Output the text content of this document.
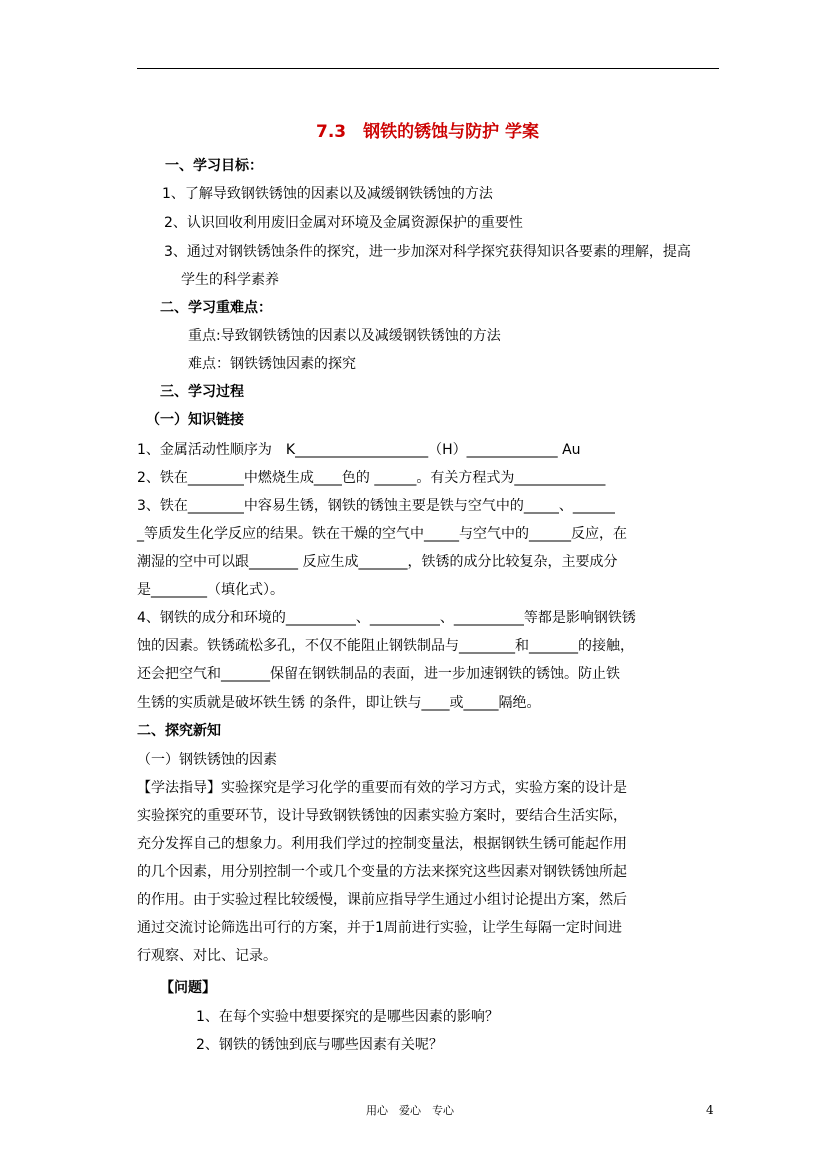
7.3　钢铁的锈蚀与防护 学案
一、学习目标：
1、了解导致钢铁锈蚀的因素以及减缓钢铁锈蚀的方法
2、认识回收利用废旧金属对环境及金属资源保护的重要性
3、通过对钢铁锈蚀条件的探究，进一步加深对科学探究获得知识各要素的理解，提高
学生的科学素养
二、学习重难点：
重点:导致钢铁锈蚀的因素以及减缓钢铁锈蚀的方法
难点：钢铁锈蚀因素的探究
三、学习过程
（一）知识链接
1、金属活动性顺序为　K___________________（H）_____________ Au
2、铁在________中燃烧生成____色的 ______。有关方程式为_____________
3、铁在________中容易生锈，钢铁的锈蚀主要是铁与空气中的_____、______
_等质发生化学反应的结果。铁在干燥的空气中_____与空气中的______反应，在
潮湿的空中可以跟_______ 反应生成_______，铁锈的成分比较复杂，主要成分
是________（填化式）。
4、钢铁的成分和环境的__________、__________、__________等都是影响钢铁锈
蚀的因素。铁锈疏松多孔，不仅不能阻止钢铁制品与________和_______的接触，
还会把空气和_______保留在钢铁制品的表面，进一步加速钢铁的锈蚀。防止铁
生锈的实质就是破坏铁生锈 的条件，即让铁与____或_____隔绝。
二、探究新知
（一）钢铁锈蚀的因素
【学法指导】实验探究是学习化学的重要而有效的学习方式，实验方案的设计是
实验探究的重要环节，设计导致钢铁锈蚀的因素实验方案时，要结合生活实际，
充分发挥自己的想象力。利用我们学过的控制变量法，根据钢铁生锈可能起作用
的几个因素，用分别控制一个或几个变量的方法来探究这些因素对钢铁锈蚀所起
的作用。由于实验过程比较缓慢，课前应指导学生通过小组讨论提出方案，然后
通过交流讨论筛选出可行的方案，并于1周前进行实验，让学生每隔一定时间进
行观察、对比、记录。
【问题】
1、在每个实验中想要探究的是哪些因素的影响？
2、钢铁的锈蚀到底与哪些因素有关呢？
用心　爱心　专心	4
